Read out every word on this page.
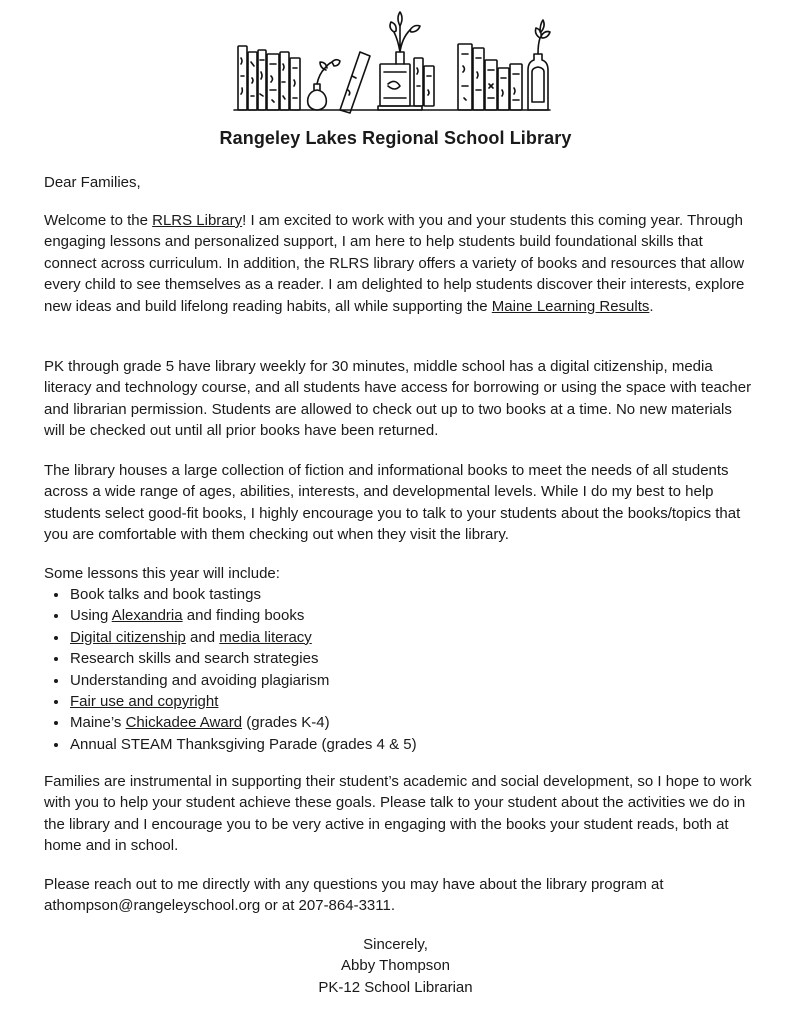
Rangeley Lakes Regional School Library

Dear Families,

Welcome to the RLRS Library! I am excited to work with you and your students this coming year. Through engaging lessons and personalized support, I am here to help students build foundational skills that connect across curriculum. In addition, the RLRS library offers a variety of books and resources that allow every child to see themselves as a reader. I am delighted to help students discover their interests, explore new ideas and build lifelong reading habits, all while supporting the Maine Learning Results.

PK through grade 5 have library weekly for 30 minutes, middle school has a digital citizenship, media literacy and technology course, and all students have access for borrowing or using the space with teacher and librarian permission. Students are allowed to check out up to two books at a time. No new materials will be checked out until all prior books have been returned.

The library houses a large collection of fiction and informational books to meet the needs of all students across a wide range of ages, abilities, interests, and developmental levels. While I do my best to help students select good-fit books, I highly encourage you to talk to your students about the books/topics that you are comfortable with them checking out when they visit the library.

Some lessons this year will include:

• Book talks and book tastings
• Using Alexandria and finding books
• Digital citizenship and media literacy
• Research skills and search strategies
• Understanding and avoiding plagiarism
• Fair use and copyright
• Maine’s Chickadee Award (grades K-4)
• Annual STEAM Thanksgiving Parade (grades 4 & 5)

Families are instrumental in supporting their student’s academic and social development, so I hope to work with you to help your student achieve these goals. Please talk to your student about the activities we do in the library and I encourage you to be very active in engaging with the books your student reads, both at home and in school.

Please reach out to me directly with any questions you may have about the library program at athompson@rangeleyschool.org or at 207-864-3311.

Sincerely,
Abby Thompson
PK-12 School Librarian
